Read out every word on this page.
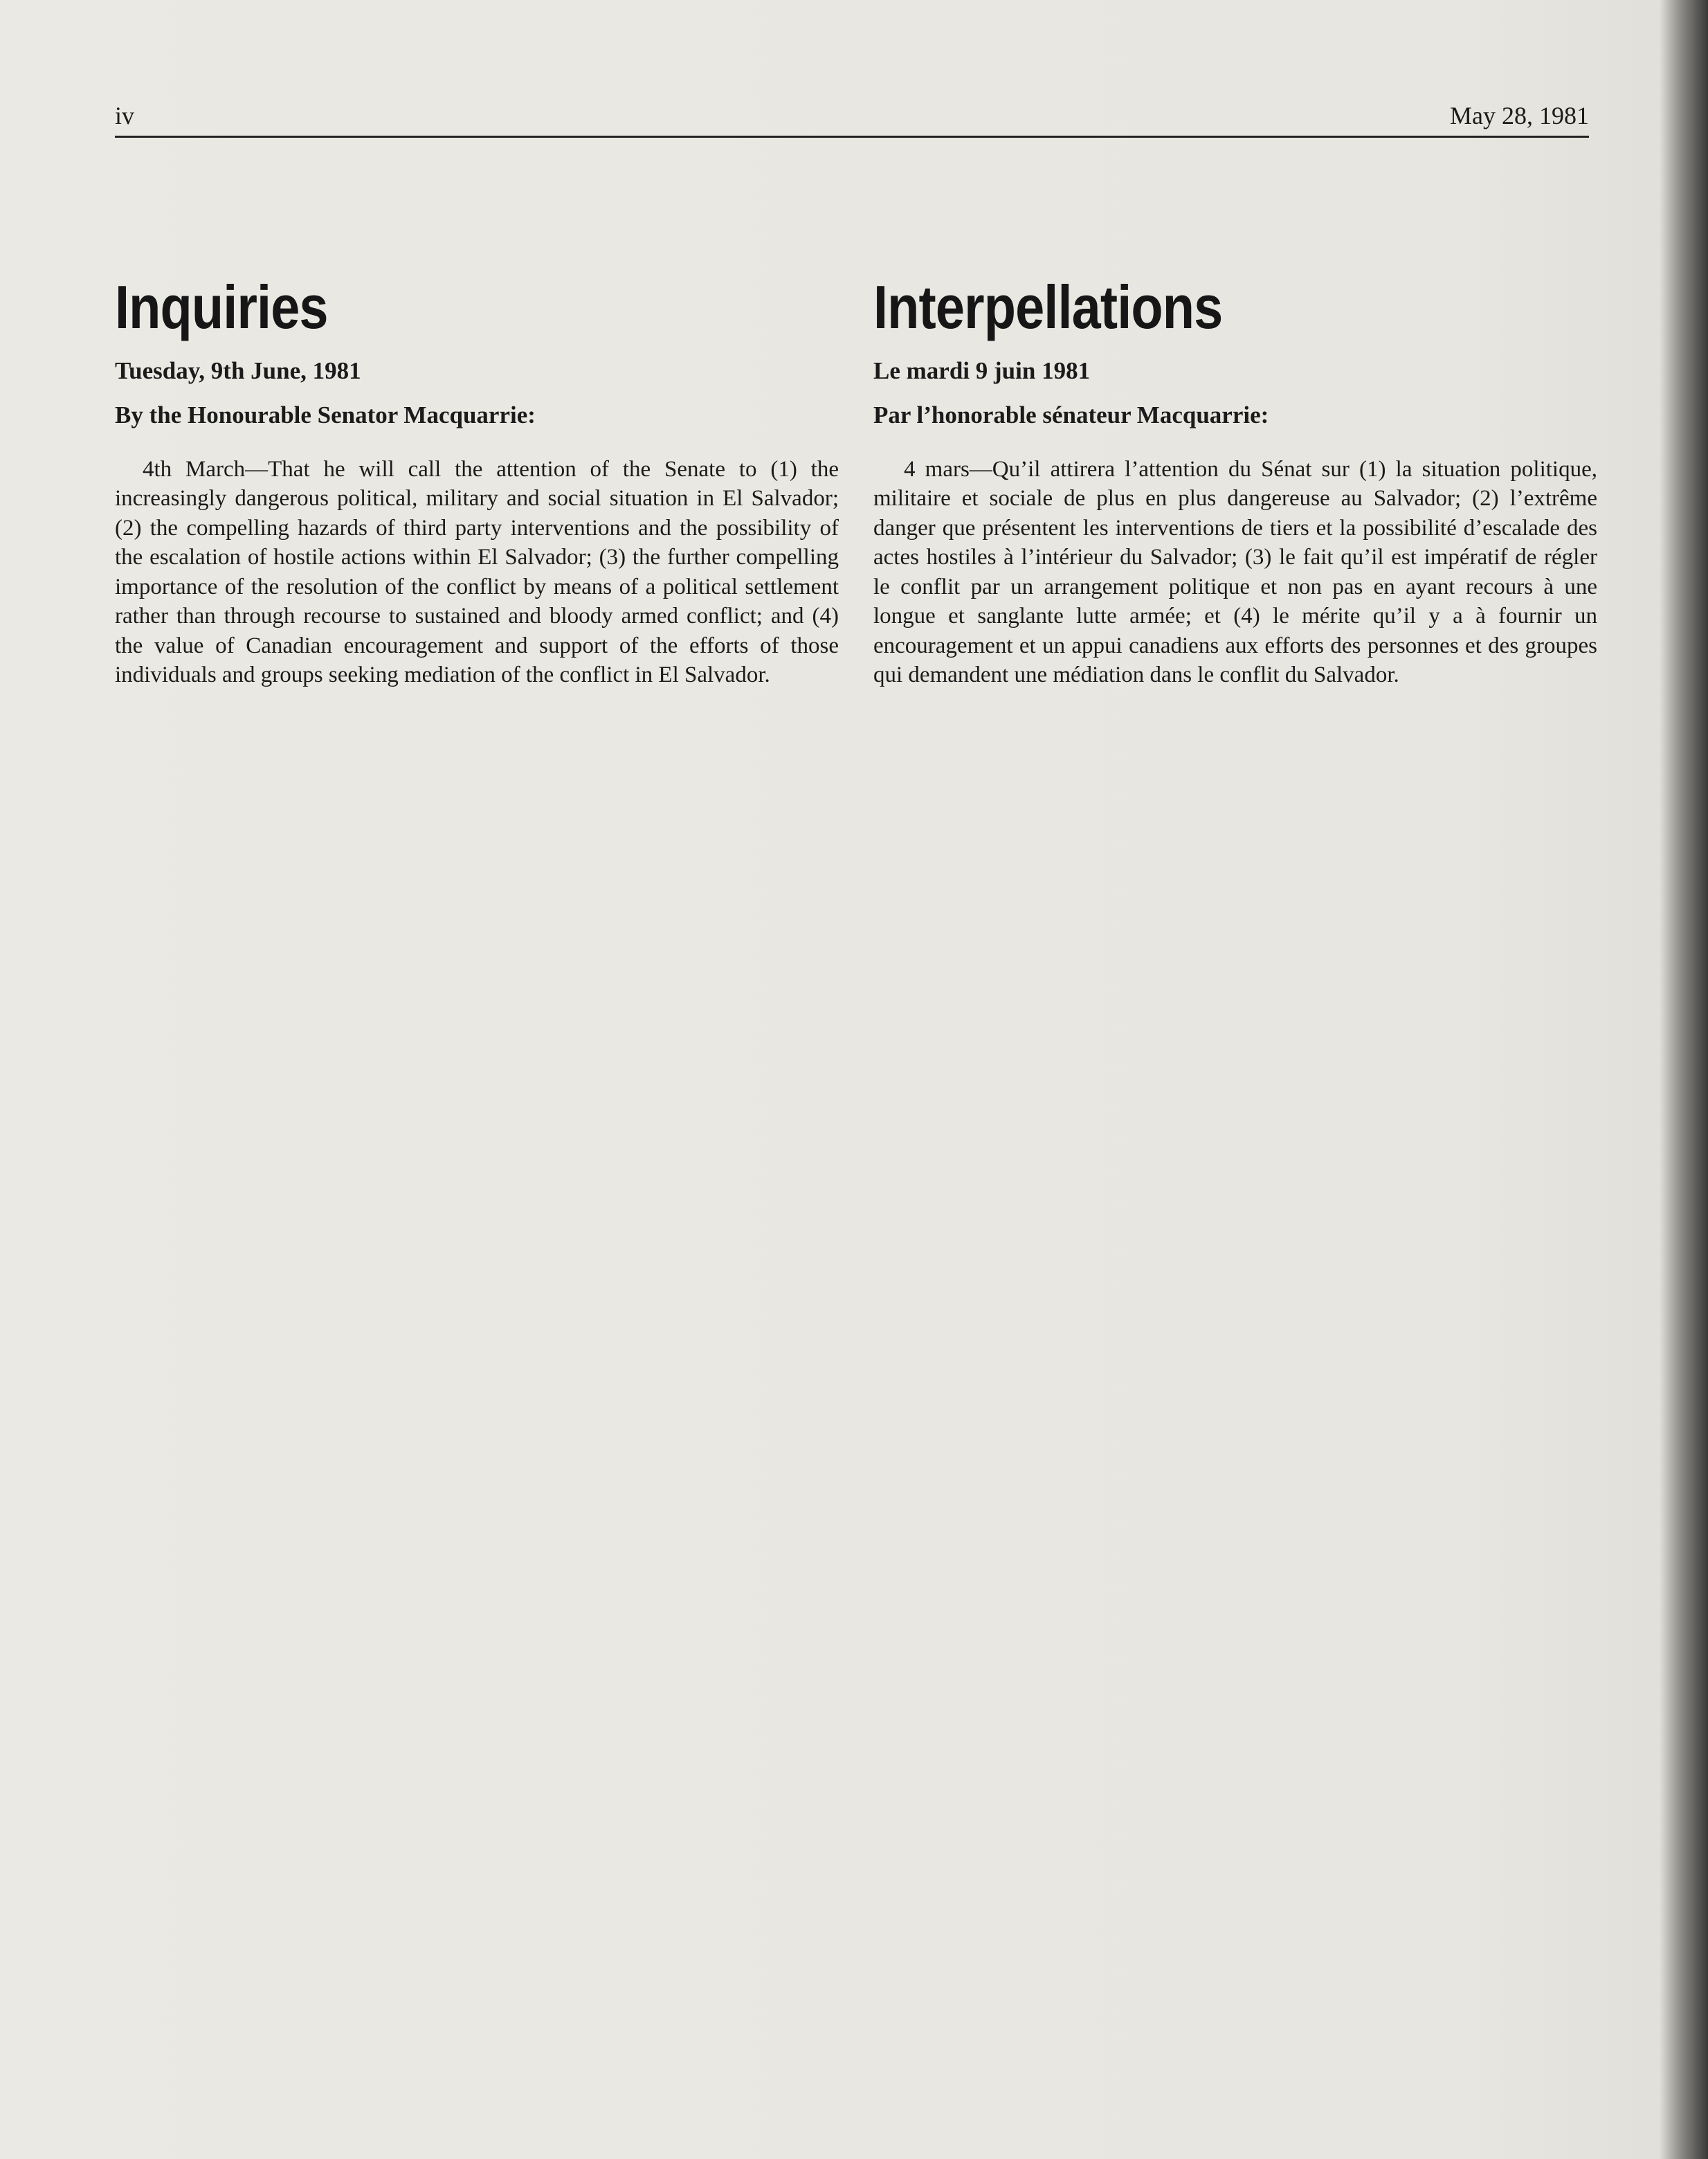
iv	May 28, 1981
Inquiries
Tuesday, 9th June, 1981
By the Honourable Senator Macquarrie:

4th March—That he will call the attention of the Senate to (1) the increasingly dangerous political, military and social situation in El Salvador; (2) the compelling hazards of third party interventions and the possibility of the escalation of hostile actions within El Salvador; (3) the further compelling importance of the resolution of the conflict by means of a political settlement rather than through recourse to sustained and bloody armed conflict; and (4) the value of Canadian encouragement and support of the efforts of those individuals and groups seeking mediation of the conflict in El Salvador.

Interpellations
Le mardi 9 juin 1981
Par l’honorable sénateur Macquarrie:

4 mars—Qu’il attirera l’attention du Sénat sur (1) la situation politique, militaire et sociale de plus en plus dangereuse au Salvador; (2) l’extrême danger que présentent les interventions de tiers et la possibilité d’escalade des actes hostiles à l’intérieur du Salvador; (3) le fait qu’il est impératif de régler le conflit par un arrangement politique et non pas en ayant recours à une longue et sanglante lutte armée; et (4) le mérite qu’il y a à fournir un encouragement et un appui canadiens aux efforts des personnes et des groupes qui demandent une médiation dans le conflit du Salvador.
